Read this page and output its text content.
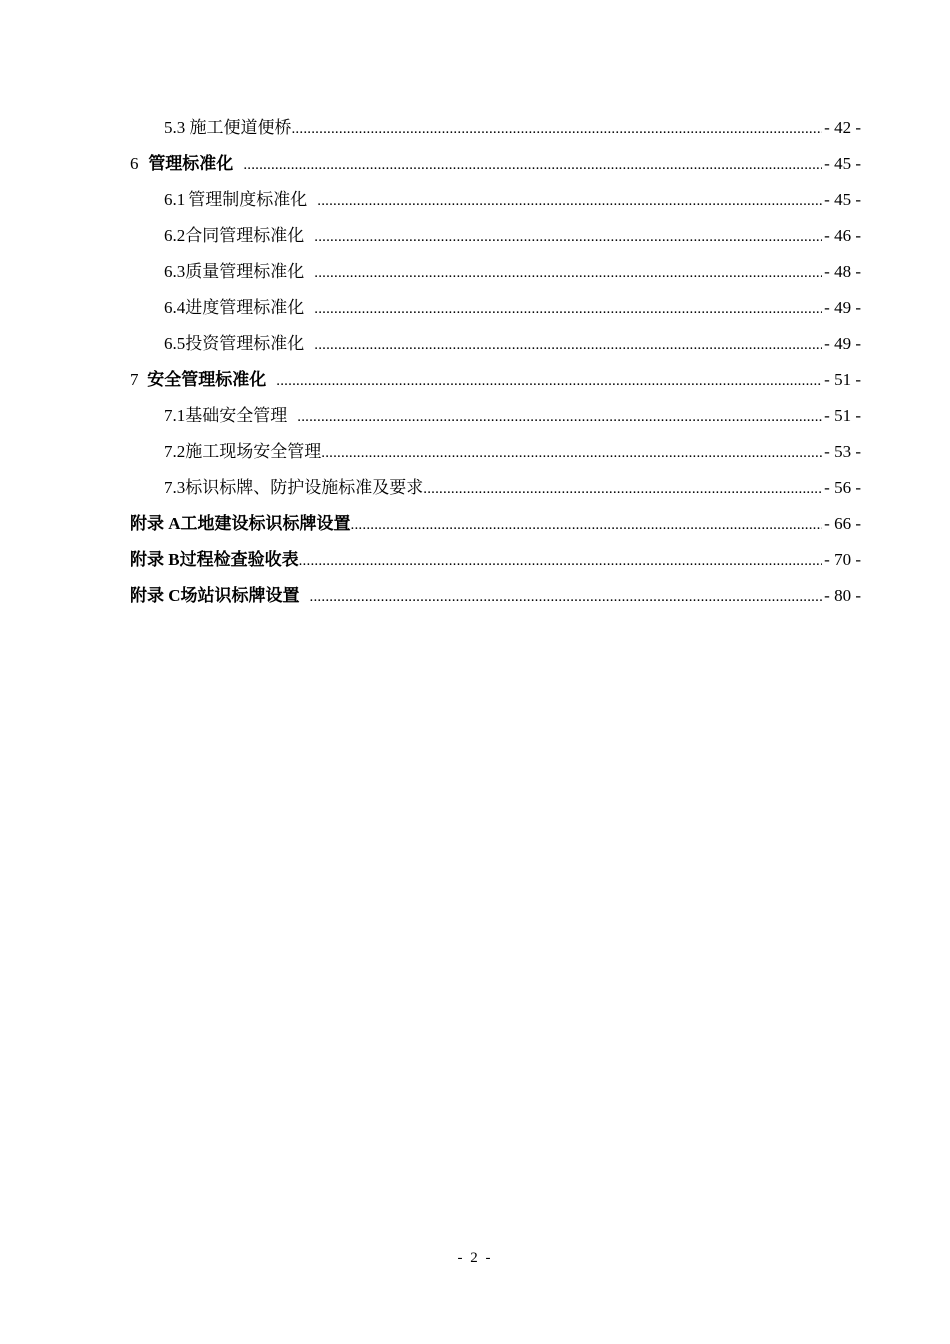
5.3 施工便道便桥 .....	- 42 -
6 管理标准化 .....	- 45 -
6.1 管理制度标准化 .....	- 45 -
6.2 合同管理标准化 .....	- 46 -
6.3 质量管理标准化 .....	- 48 -
6.4 进度管理标准化 .....	- 49 -
6.5 投资管理标准化 .....	- 49 -
7 安全管理标准化 .....	- 51 -
7.1 基础安全管理 .....	- 51 -
7.2 施工现场安全管理 .....	- 53 -
7.3 标识标牌、防护设施标准及要求 .....	- 56 -
附录 A 工地建设标识标牌设置 .....	- 66 -
附录 B 过程检查验收表 .....	- 70 -
附录 C 场站识标牌设置 .....	- 80 -
- 2 -
